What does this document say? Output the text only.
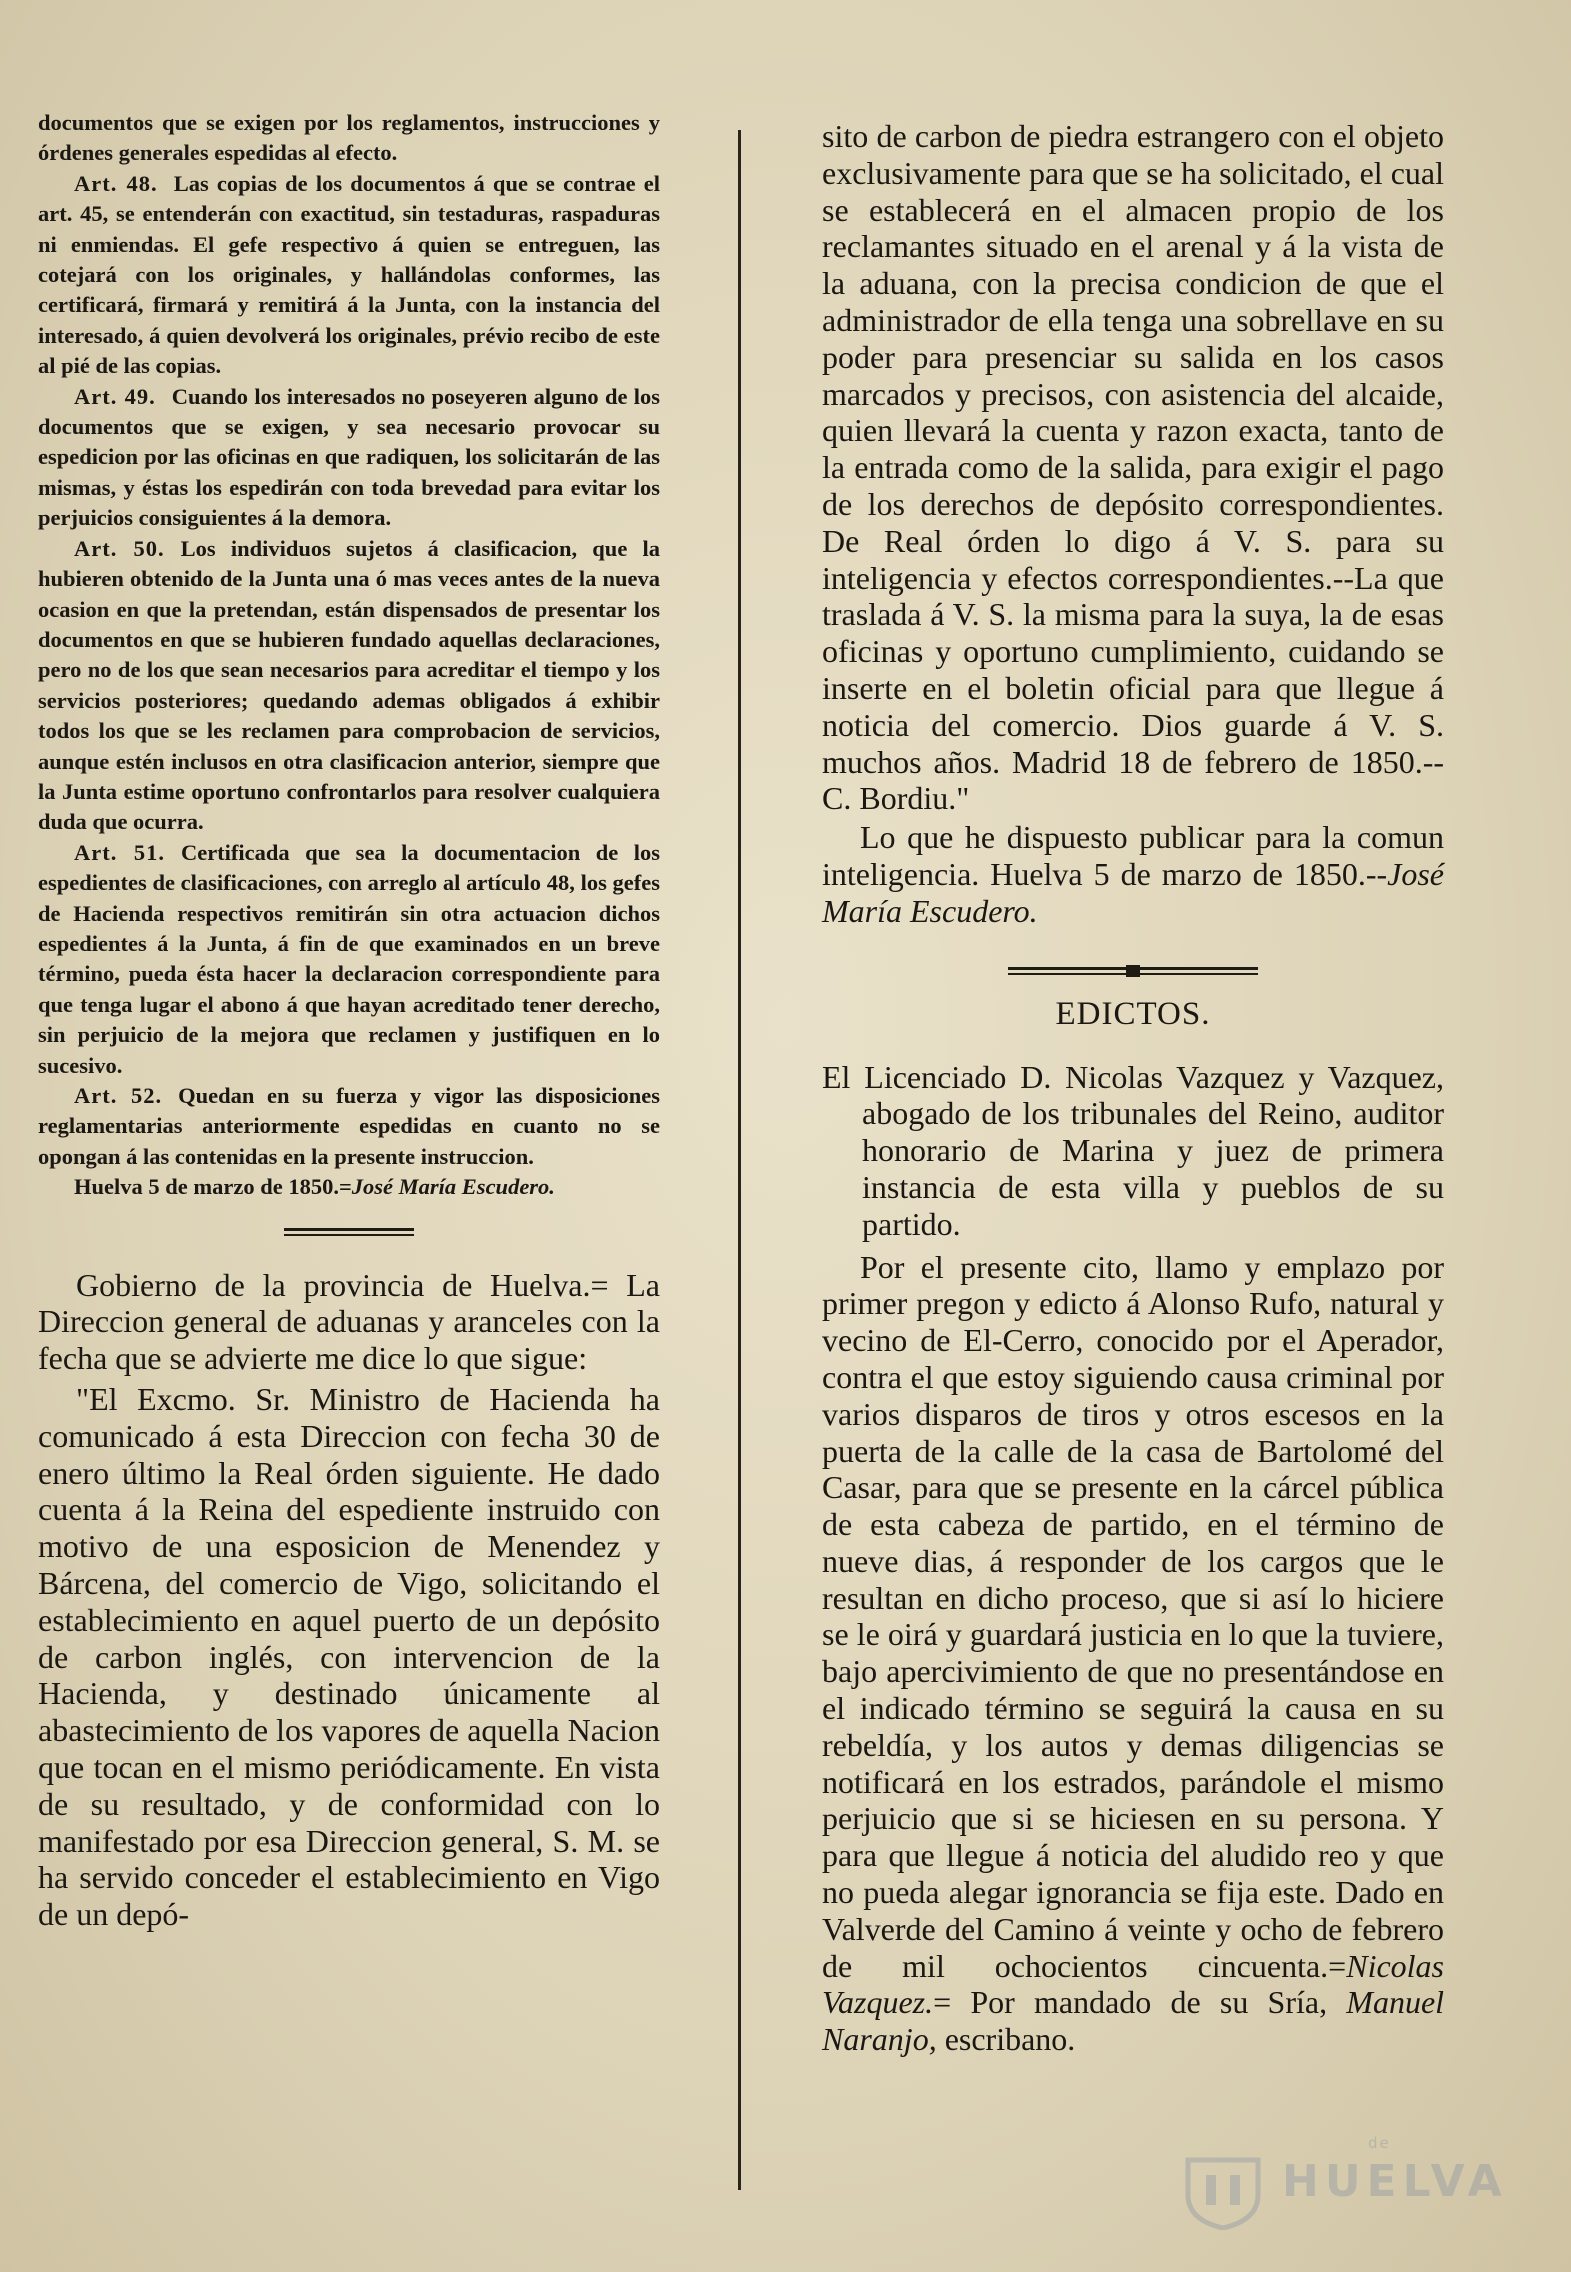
documentos que se exigen por los reglamentos, instrucciones y órdenes generales espedidas al efecto.

Art. 48. Las copias de los documentos á que se contrae el art. 45, se entenderán con exactitud, sin testaduras, raspaduras ni enmiendas. El gefe respectivo á quien se entreguen, las cotejará con los originales, y hallándolas conformes, las certificará, firmará y remitirá á la Junta, con la instancia del interesado, á quien devolverá los originales, prévio recibo de este al pié de las copias.

Art. 49. Cuando los interesados no poseyeren alguno de los documentos que se exigen, y sea necesario provocar su espedicion por las oficinas en que radiquen, los solicitarán de las mismas, y éstas los espedirán con toda brevedad para evitar los perjuicios consiguientes á la demora.

Art. 50. Los individuos sujetos á clasificacion, que la hubieren obtenido de la Junta una ó mas veces antes de la nueva ocasion en que la pretendan, están dispensados de presentar los documentos en que se hubieren fundado aquellas declaraciones, pero no de los que sean necesarios para acreditar el tiempo y los servicios posteriores; quedando ademas obligados á exhibir todos los que se les reclamen para comprobacion de servicios, aunque estén inclusos en otra clasificacion anterior, siempre que la Junta estime oportuno confrontarlos para resolver cualquiera duda que ocurra.

Art. 51. Certificada que sea la documentacion de los espedientes de clasificaciones, con arreglo al artículo 48, los gefes de Hacienda respectivos remitirán sin otra actuacion dichos espedientes á la Junta, á fin de que examinados en un breve término, pueda ésta hacer la declaracion correspondiente para que tenga lugar el abono á que hayan acreditado tener derecho, sin perjuicio de la mejora que reclamen y justifiquen en lo sucesivo.

Art. 52. Quedan en su fuerza y vigor las disposiciones reglamentarias anteriormente espedidas en cuanto no se opongan á las contenidas en la presente instruccion.

Huelva 5 de marzo de 1850.=José María Escudero.

Gobierno de la provincia de Huelva.= La Direccion general de aduanas y aranceles con la fecha que se advierte me dice lo que sigue:

"El Excmo. Sr. Ministro de Hacienda ha comunicado á esta Direccion con fecha 30 de enero último la Real órden siguiente. He dado cuenta á la Reina del espediente instruido con motivo de una esposicion de Menendez y Bárcena, del comercio de Vigo, solicitando el establecimiento en aquel puerto de un depósito de carbon inglés, con intervencion de la Hacienda, y destinado únicamente al abastecimiento de los vapores de aquella Nacion que tocan en el mismo periódicamente. En vista de su resultado, y de conformidad con lo manifestado por esa Direccion general, S. M. se ha servido conceder el establecimiento en Vigo de un depó-

sito de carbon de piedra estrangero con el objeto exclusivamente para que se ha solicitado, el cual se establecerá en el almacen propio de los reclamantes situado en el arenal y á la vista de la aduana, con la precisa condicion de que el administrador de ella tenga una sobrellave en su poder para presenciar su salida en los casos marcados y precisos, con asistencia del alcaide, quien llevará la cuenta y razon exacta, tanto de la entrada como de la salida, para exigir el pago de los derechos de depósito correspondientes. De Real órden lo digo á V. S. para su inteligencia y efectos correspondientes.--La que traslada á V. S. la misma para la suya, la de esas oficinas y oportuno cumplimiento, cuidando se inserte en el boletin oficial para que llegue á noticia del comercio. Dios guarde á V. S. muchos años. Madrid 18 de febrero de 1850.--C. Bordiu."

Lo que he dispuesto publicar para la comun inteligencia. Huelva 5 de marzo de 1850.--José María Escudero.

EDICTOS.

El Licenciado D. Nicolas Vazquez y Vazquez, abogado de los tribunales del Reino, auditor honorario de Marina y juez de primera instancia de esta villa y pueblos de su partido.

Por el presente cito, llamo y emplazo por primer pregon y edicto á Alonso Rufo, natural y vecino de El-Cerro, conocido por el Aperador, contra el que estoy siguiendo causa criminal por varios disparos de tiros y otros escesos en la puerta de la calle de la casa de Bartolomé del Casar, para que se presente en la cárcel pública de esta cabeza de partido, en el término de nueve dias, á responder de los cargos que le resultan en dicho proceso, que si así lo hiciere se le oirá y guardará justicia en lo que la tuviere, bajo apercivimiento de que no presentándose en el indicado término se seguirá la causa en su rebeldía, y los autos y demas diligencias se notificará en los estrados, parándole el mismo perjuicio que si se hiciesen en su persona. Y para que llegue á noticia del aludido reo y que no pueda alegar ignorancia se fija este. Dado en Valverde del Camino á veinte y ocho de febrero de mil ochocientos cincuenta.=Nicolas Vazquez.= Por mandado de su Sría, Manuel Naranjo, escribano.

de
HUELVA
